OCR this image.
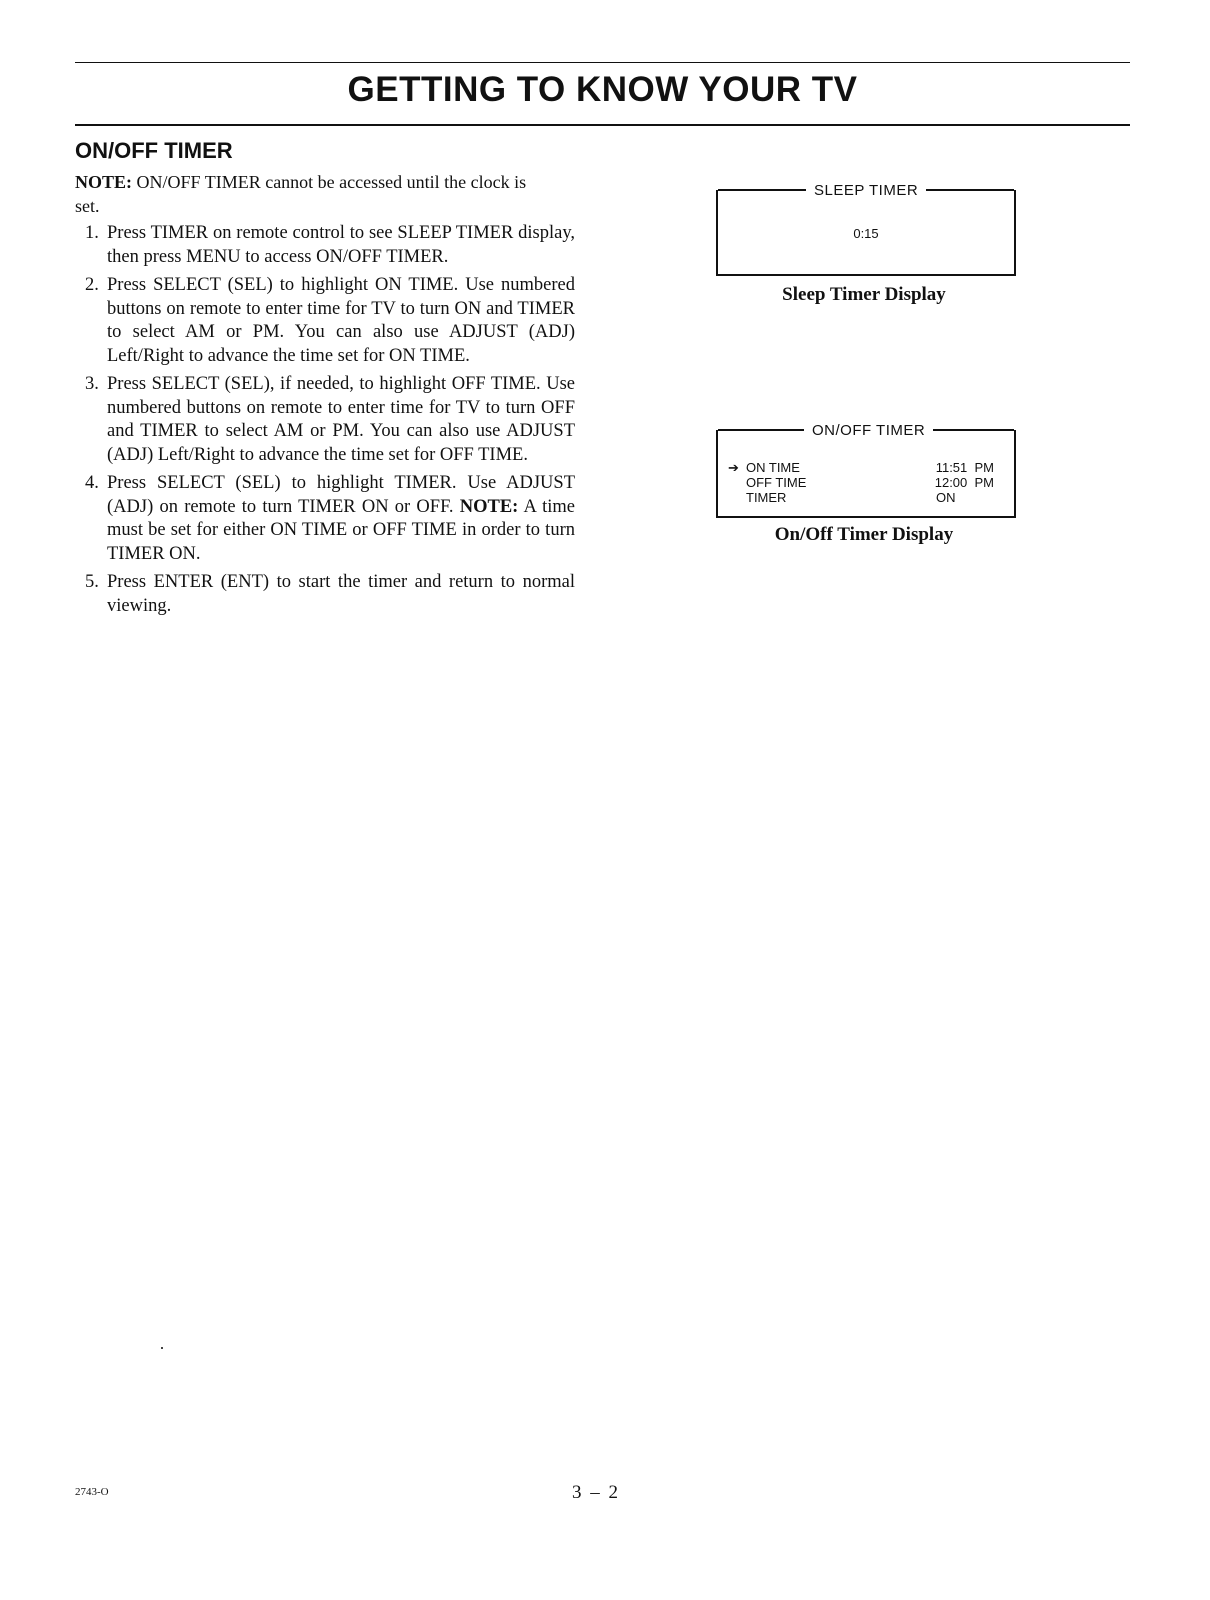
GETTING TO KNOW YOUR TV
ON/OFF TIMER

NOTE: ON/OFF TIMER cannot be accessed until the clock is set.

1. Press TIMER on remote control to see SLEEP TIMER display, then press MENU to access ON/OFF TIMER.
2. Press SELECT (SEL) to highlight ON TIME. Use numbered buttons on remote to enter time for TV to turn ON and TIMER to select AM or PM. You can also use ADJUST (ADJ) Left/Right to advance the time set for ON TIME.
3. Press SELECT (SEL), if needed, to highlight OFF TIME. Use numbered buttons on remote to enter time for TV to turn OFF and TIMER to select AM or PM. You can also use ADJUST (ADJ) Left/Right to advance the time set for OFF TIME.
4. Press SELECT (SEL) to highlight TIMER. Use ADJUST (ADJ) on remote to turn TIMER ON or OFF. NOTE: A time must be set for either ON TIME or OFF TIME in order to turn TIMER ON.
5. Press ENTER (ENT) to start the timer and return to normal viewing.
SLEEP TIMER
0:15

Sleep Timer Display

ON/OFF TIMER
➔ ON TIME	11:51  PM
OFF TIME	12:00  PM
TIMER	ON

On/Off Timer Display

2743-O	3 – 2
